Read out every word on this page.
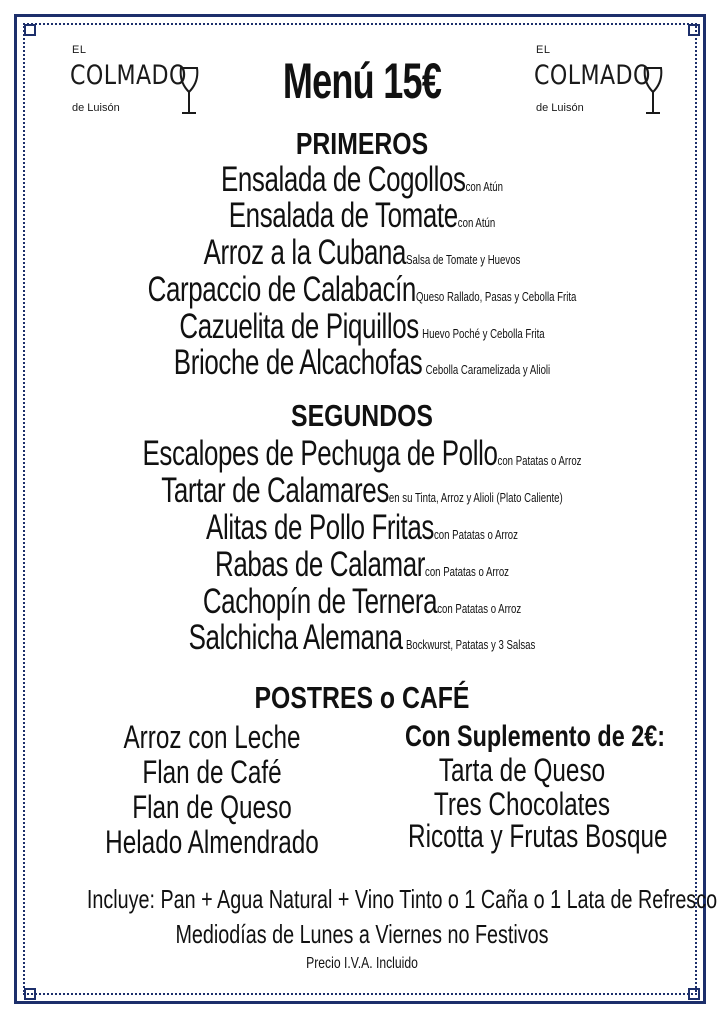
EL
COLMADO
de Luisón
EL
COLMADO
de Luisón
Menú 15€
PRIMEROS
Ensalada de Cogolloscon Atún
Ensalada de Tomatecon Atún
Arroz a la CubanaSalsa de Tomate y Huevos
Carpaccio de CalabacínQueso Rallado, Pasas y Cebolla Frita
Cazuelita de Piquillos Huevo Poché y Cebolla Frita
Brioche de Alcachofas Cebolla Caramelizada y Alioli
SEGUNDOS
Escalopes de Pechuga de Pollocon Patatas o Arroz
Tartar de Calamaresen su Tinta, Arroz y Alioli (Plato Caliente)
Alitas de Pollo Fritascon Patatas o Arroz
Rabas de Calamarcon Patatas o Arroz
Cachopín de Terneracon Patatas o Arroz
Salchicha Alemana Bockwurst, Patatas y 3 Salsas
POSTRES o CAFÉ
Arroz con Leche
Flan de Café
Flan de Queso
Helado Almendrado
Con Suplemento de 2€:
Tarta de Queso
Tres Chocolates
Ricotta y Frutas Bosque
Incluye: Pan + Agua Natural + Vino Tinto o 1 Caña o 1 Lata de Refresco
Mediodías de Lunes a Viernes no Festivos
Precio I.V.A. Incluido
